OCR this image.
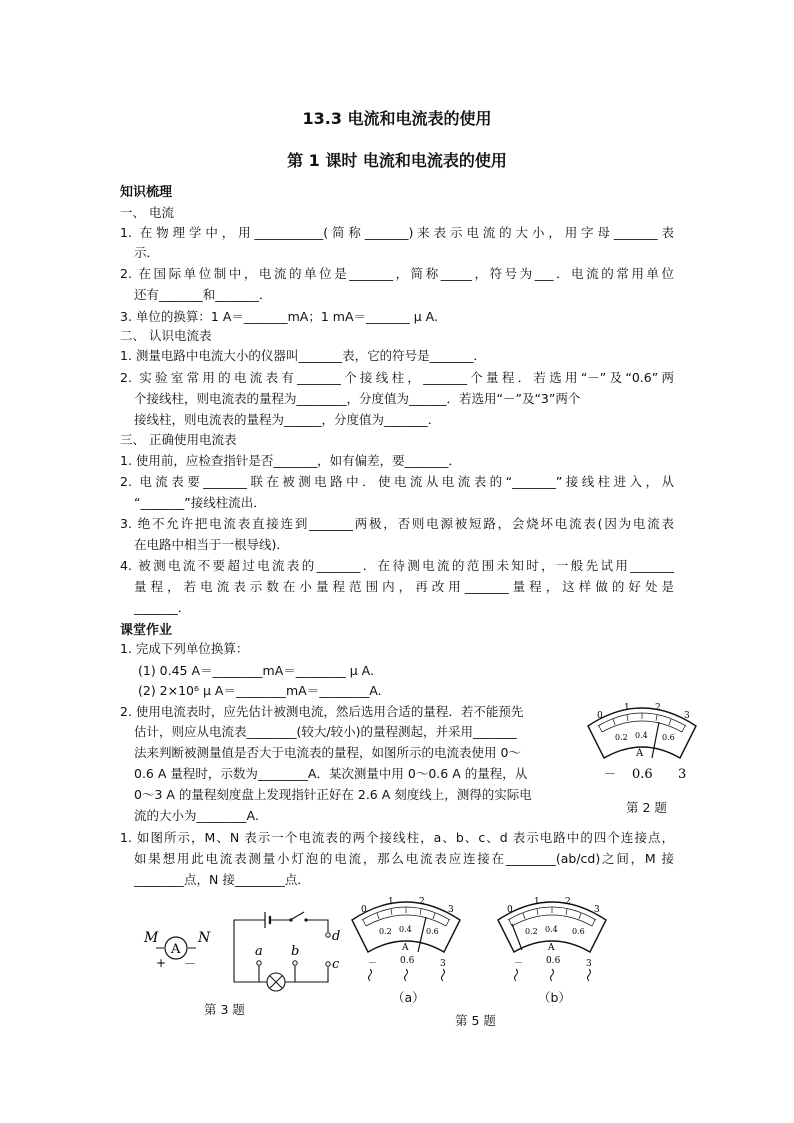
13.3 电流和电流表的使用
第 1 课时 电流和电流表的使用
知识梳理
一、 电流
1. 在物理学中，用___________(简称_______)来表示电流的大小，用字母_______表
示．
2. 在国际单位制中，电流的单位是_______，简称_____，符号为___．电流的常用单位
还有_______和_______．
3. 单位的换算：1 A＝_______mA；1 mA＝_______ μ A.
二、 认识电流表
1. 测量电路中电流大小的仪器叫_______表，它的符号是_______．
2. 实验室常用的电流表有_______个接线柱，_______个量程．若选用“－”及“0.6”两
个接线柱，则电流表的量程为________，分度值为______．若选用“－”及“3”两个
接线柱，则电流表的量程为______，分度值为_______．
三、 正确使用电流表
1. 使用前，应检查指针是否_______，如有偏差，要_______．
2. 电流表要_______联在被测电路中．使电流从电流表的“_______”接线柱进入，从
“_______”接线柱流出．
3. 绝不允许把电流表直接连到_______两极，否则电源被短路，会烧坏电流表(因为电流表
在电路中相当于一根导线)．
4. 被测电流不要超过电流表的_______．在待测电流的范围未知时，一般先试用_______
量程，若电流表示数在小量程范围内，再改用_______量程，这样做的好处是
_______．
课堂作业
1. 完成下列单位换算：
(1) 0.45 A＝________mA＝________ μ A.
(2) 2×10⁶ μ A＝________mA＝________A.
2. 使用电流表时，应先估计被测电流，然后选用合适的量程．若不能预先
估计，则应从电流表________(较大/较小)的量程测起，并采用_______
法来判断被测量值是否大于电流表的量程，如图所示的电流表使用 0～
0.6 A 量程时，示数为________A．某次测量中用 0～0.6 A 的量程，从
0～3 A 的量程刻度盘上发现指针正好在 2.6 A 刻度线上，测得的实际电
流的大小为________A.
1. 如图所示，M、N 表示一个电流表的两个接线柱，a、b、c、d 表示电路中的四个连接点，
如果想用此电流表测量小灯泡的电流，那么电流表应连接在________(ab/cd)之间，M 接
________点，N 接________点．
0
1	2
3
0.2 0.4 0.6
A
－ 0.6 3
第 2 题
M
A
N
+ －
d
c
a b
第 3 题
0
1	2
3
0.2 0.4 0.6
A
－	0.6	3
（a）
0
1	2
3
0.2 0.4 0.6
A
－	0.6	3
（b）
第 5 题
